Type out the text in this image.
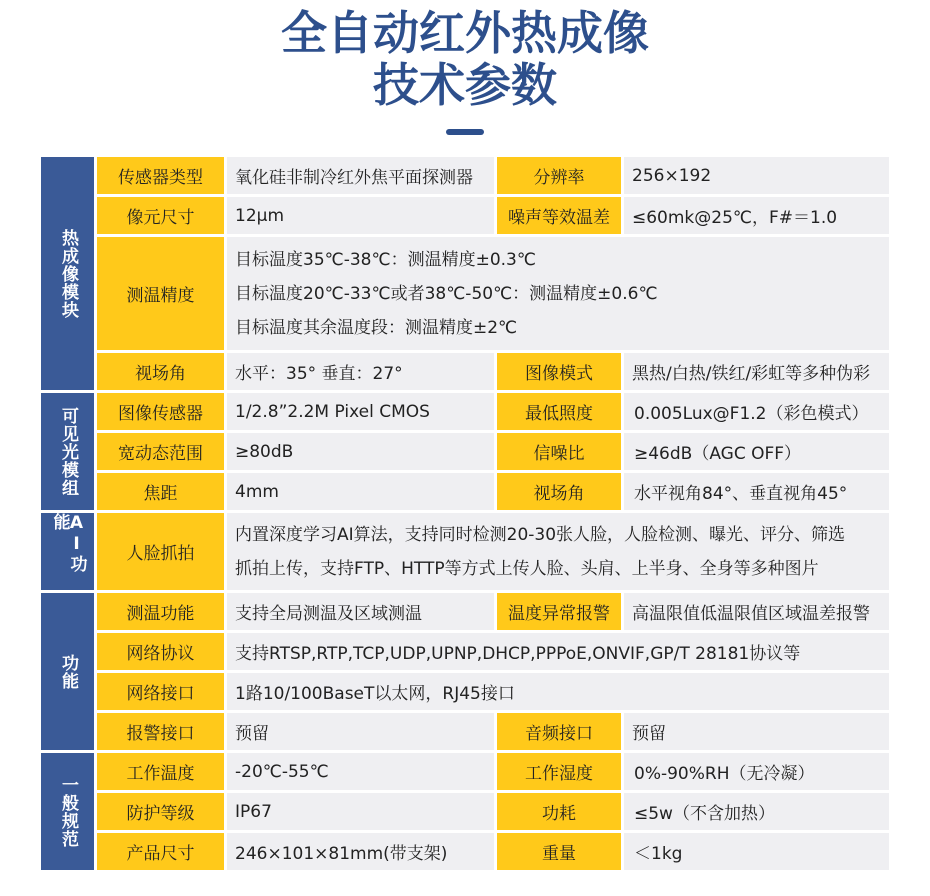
全自动红外热成像
技术参数
热成像模块
可见光模组
AI功能
功能
一般规范
传感器类型	氧化硅非制冷红外焦平面探测器	分辨率	256×192
像元尺寸	12μm	噪声等效温差	≤60mk@25℃，F#＝1.0
测温精度
目标温度35℃-38℃：测温精度±0.3℃
目标温度20℃-33℃或者38℃-50℃：测温精度±0.6℃
目标温度其余温度段：测温精度±2℃
视场角	水平：35° 垂直：27°	图像模式	黑热/白热/铁红/彩虹等多种伪彩
图像传感器	1/2.8”2.2M Pixel CMOS	最低照度	0.005Lux@F1.2（彩色模式）
宽动态范围	≥80dB	信噪比	≥46dB（AGC OFF）
焦距	4mm	视场角	水平视角84°、垂直视角45°
人脸抓拍
内置深度学习AI算法，支持同时检测20-30张人脸，人脸检测、曝光、评分、筛选
抓拍上传，支持FTP、HTTP等方式上传人脸、头肩、上半身、全身等多种图片
测温功能	支持全局测温及区域测温	温度异常报警	高温限值低温限值区域温差报警
网络协议	支持RTSP,RTP,TCP,UDP,UPNP,DHCP,PPPoE,ONVIF,GP/T 28181协议等
网络接口	1路10/100BaseT以太网，RJ45接口
报警接口	预留	音频接口	预留
工作温度	-20℃-55℃	工作湿度	0%-90%RH（无冷凝）
防护等级	IP67	功耗	≤5w（不含加热）
产品尺寸	246×101×81mm(带支架)	重量	＜1kg
